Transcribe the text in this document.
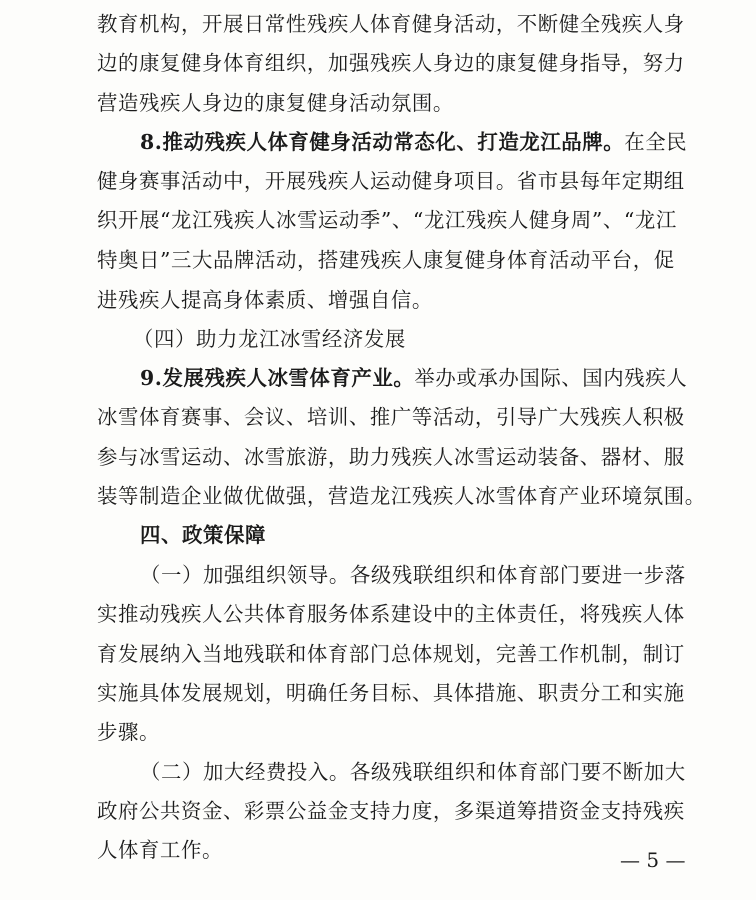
教育机构，开展日常性残疾人体育健身活动，不断健全残疾人身
边的康复健身体育组织，加强残疾人身边的康复健身指导，努力
营造残疾人身边的康复健身活动氛围。
8.推动残疾人体育健身活动常态化、打造龙江品牌。在全民
健身赛事活动中，开展残疾人运动健身项目。省市县每年定期组
织开展“龙江残疾人冰雪运动季”、“龙江残疾人健身周”、“龙江
特奥日”三大品牌活动，搭建残疾人康复健身体育活动平台，促
进残疾人提高身体素质、增强自信。
（四）助力龙江冰雪经济发展
9.发展残疾人冰雪体育产业。举办或承办国际、国内残疾人
冰雪体育赛事、会议、培训、推广等活动，引导广大残疾人积极
参与冰雪运动、冰雪旅游，助力残疾人冰雪运动装备、器材、服
装等制造企业做优做强，营造龙江残疾人冰雪体育产业环境氛围。
四、政策保障
（一）加强组织领导。各级残联组织和体育部门要进一步落
实推动残疾人公共体育服务体系建设中的主体责任，将残疾人体
育发展纳入当地残联和体育部门总体规划，完善工作机制，制订
实施具体发展规划，明确任务目标、具体措施、职责分工和实施
步骤。
（二）加大经费投入。各级残联组织和体育部门要不断加大
政府公共资金、彩票公益金支持力度，多渠道筹措资金支持残疾
人体育工作。	— 5 —
